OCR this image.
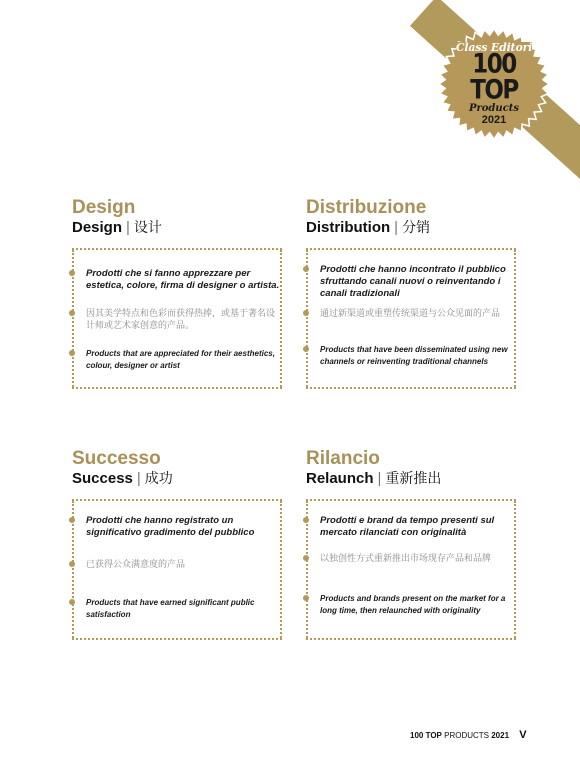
Class Editori
100 TOP
Products
2021
Design
Design | 设计
Prodotti che si fanno apprezzare per estetica, colore, firma di designer o artista.
因其美学特点和色彩而获得热捧，或基于著名设计师或艺术家创意的产品。
Products that are appreciated for their aesthetics, colour, designer or artist
Distribuzione
Distribution | 分销
Prodotti che hanno incontrato il pubblico sfruttando canali nuovi o reinventando i canali tradizionali
通过新渠道或重塑传统渠道与公众见面的产品
Products that have been disseminated using new channels or reinventing traditional channels
Successo
Success | 成功
Prodotti che hanno registrato un significativo gradimento del pubblico
已获得公众满意度的产品
Products that have earned significant public satisfaction
Rilancio
Relaunch | 重新推出
Prodotti e brand da tempo presenti sul mercato rilanciati con originalità
以独创性方式重新推出市场现存产品和品牌
Products and brands present on the market for a long time, then relaunched with originality
100 TOP PRODUCTS 2021 V
